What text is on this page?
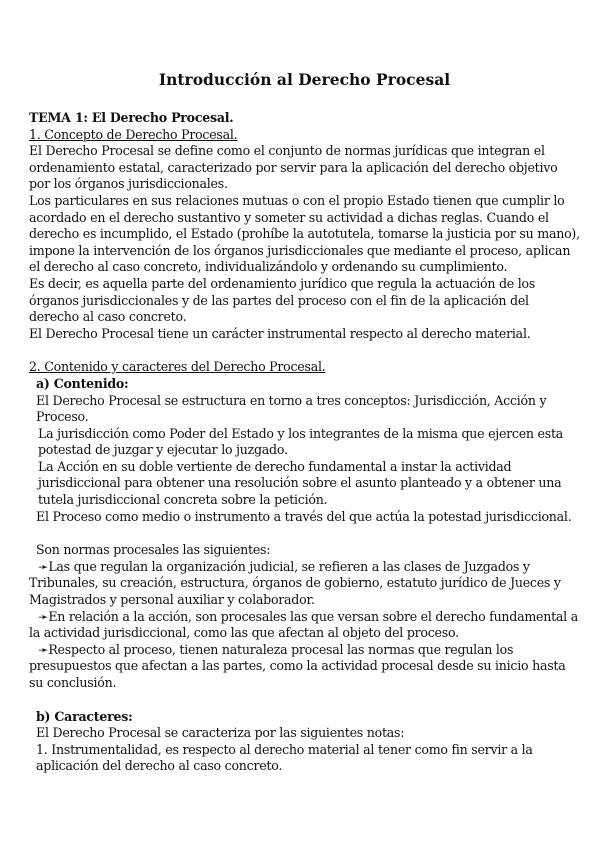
Introducción al Derecho Procesal

TEMA 1: El Derecho Procesal.

1. Concepto de Derecho Procesal.

El Derecho Procesal se define como el conjunto de normas jurídicas que integran el ordenamiento estatal, caracterizado por servir para la aplicación del derecho objetivo por los órganos jurisdiccionales.

Los particulares en sus relaciones mutuas o con el propio Estado tienen que cumplir lo acordado en el derecho sustantivo y someter su actividad a dichas reglas. Cuando el derecho es incumplido, el Estado (prohíbe la autotutela, tomarse la justicia por su mano), impone la intervención de los órganos jurisdiccionales que mediante el proceso, aplican el derecho al caso concreto, individualizándolo y ordenando su cumplimiento.

Es decir, es aquella parte del ordenamiento jurídico que regula la actuación de los órganos jurisdiccionales y de las partes del proceso con el fin de la aplicación del derecho al caso concreto.

El Derecho Procesal tiene un carácter instrumental respecto al derecho material.

2. Contenido y caracteres del Derecho Procesal.

a) Contenido:

El Derecho Procesal se estructura en torno a tres conceptos: Jurisdicción, Acción y Proceso.

La jurisdicción como Poder del Estado y los integrantes de la misma que ejercen esta potestad de juzgar y ejecutar lo juzgado.

La Acción en su doble vertiente de derecho fundamental a instar la actividad jurisdiccional para obtener una resolución sobre el asunto planteado y a obtener una tutela jurisdiccional concreta sobre la petición.

El Proceso como medio o instrumento a través del que actúa la potestad jurisdiccional.

Son normas procesales las siguientes:

➛Las que regulan la organización judicial, se refieren a las clases de Juzgados y Tribunales, su creación, estructura, órganos de gobierno, estatuto jurídico de Jueces y Magistrados y personal auxiliar y colaborador.

➛En relación a la acción, son procesales las que versan sobre el derecho fundamental a la actividad jurisdiccional, como las que afectan al objeto del proceso.

➛Respecto al proceso, tienen naturaleza procesal las normas que regulan los presupuestos que afectan a las partes, como la actividad procesal desde su inicio hasta su conclusión.

b) Caracteres:

El Derecho Procesal se caracteriza por las siguientes notas:

1. Instrumentalidad, es respecto al derecho material al tener como fin servir a la aplicación del derecho al caso concreto.
